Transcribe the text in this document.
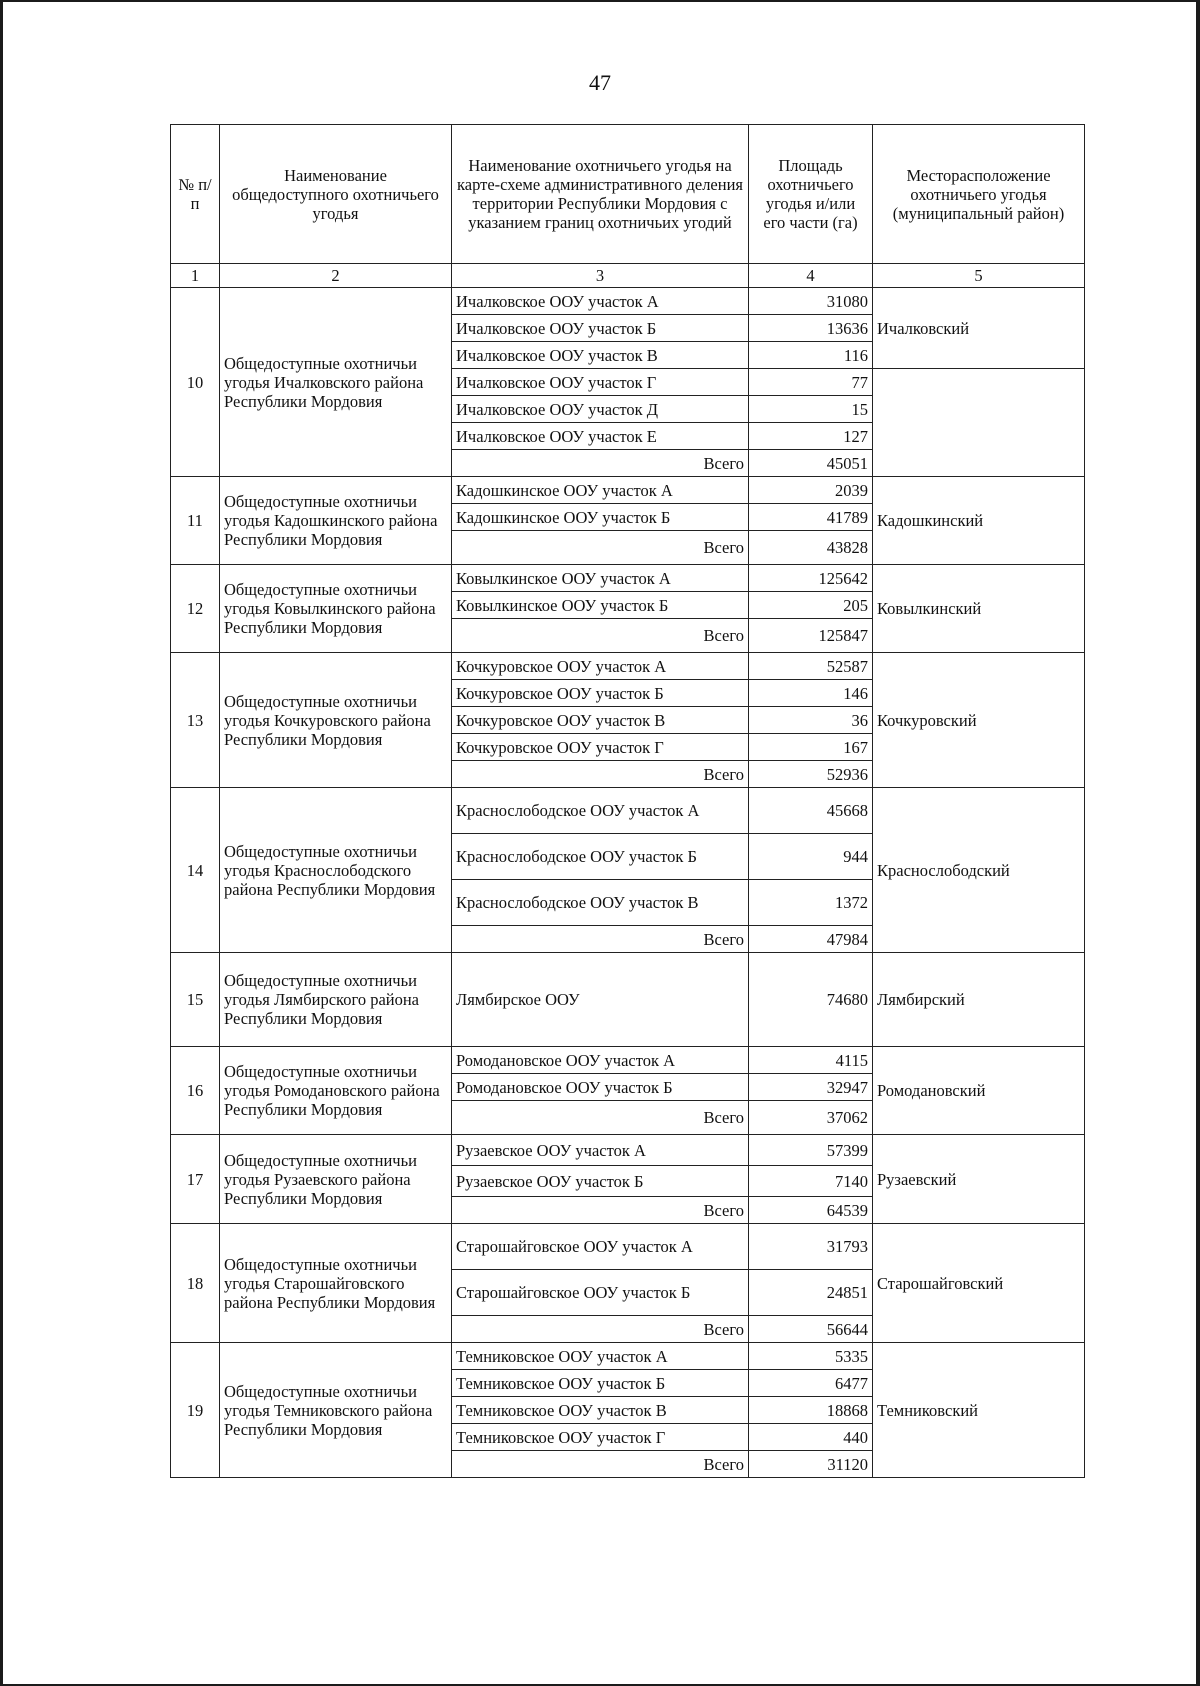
47
№ п/п	Наименование общедоступного охотничьего угодья	Наименование охотничьего угодья на карте-схеме административного деления территории Республики Мордовия с указанием границ охотничьих угодий	Площадь охотничьего угодья и/или его части (га)	Месторасположение охотничьего угодья (муниципальный район)
1	2	3	4	5
10	Общедоступные охотничьи угодья Ичалковского района Республики Мордовия	Ичалковское ООУ участок А	31080	Ичалковский
		Ичалковское ООУ участок Б	13636	
		Ичалковское ООУ участок В	116	
		Ичалковское ООУ участок Г	77	
		Ичалковское ООУ участок Д	15	
		Ичалковское ООУ участок Е	127	
		Всего	45051	
11	Общедоступные охотничьи угодья Кадошкинского района Республики Мордовия	Кадошкинское ООУ участок А	2039	Кадошкинский
		Кадошкинское ООУ участок Б	41789	
		Всего	43828	
12	Общедоступные охотничьи угодья Ковылкинского района Республики Мордовия	Ковылкинское ООУ участок А	125642	Ковылкинский
		Ковылкинское ООУ участок Б	205	
		Всего	125847	
13	Общедоступные охотничьи угодья Кочкуровского района Республики Мордовия	Кочкуровское ООУ участок А	52587	Кочкуровский
		Кочкуровское ООУ участок Б	146	
		Кочкуровское ООУ участок В	36	
		Кочкуровское ООУ участок Г	167	
		Всего	52936	
14	Общедоступные охотничьи угодья Краснослободского района Республики Мордовия	Краснослободское ООУ участок А	45668	Краснослободский
		Краснослободское ООУ участок Б	944	
		Краснослободское ООУ участок В	1372	
		Всего	47984	
15	Общедоступные охотничьи угодья Лямбирского района Республики Мордовия	Лямбирское ООУ	74680	Лямбирский
16	Общедоступные охотничьи угодья Ромодановского района Республики Мордовия	Ромодановское ООУ участок А	4115	Ромодановский
		Ромодановское ООУ участок Б	32947	
		Всего	37062	
17	Общедоступные охотничьи угодья Рузаевского района Республики Мордовия	Рузаевское ООУ участок А	57399	Рузаевский
		Рузаевское ООУ участок Б	7140	
		Всего	64539	
18	Общедоступные охотничьи угодья Старошайговского района Республики Мордовия	Старошайговское ООУ участок А	31793	Старошайговский
		Старошайговское ООУ участок Б	24851	
		Всего	56644	
19	Общедоступные охотничьи угодья Темниковского района Республики Мордовия	Темниковское ООУ участок А	5335	Темниковский
		Темниковское ООУ участок Б	6477	
		Темниковское ООУ участок В	18868	
		Темниковское ООУ участок Г	440	
		Всего	31120	
